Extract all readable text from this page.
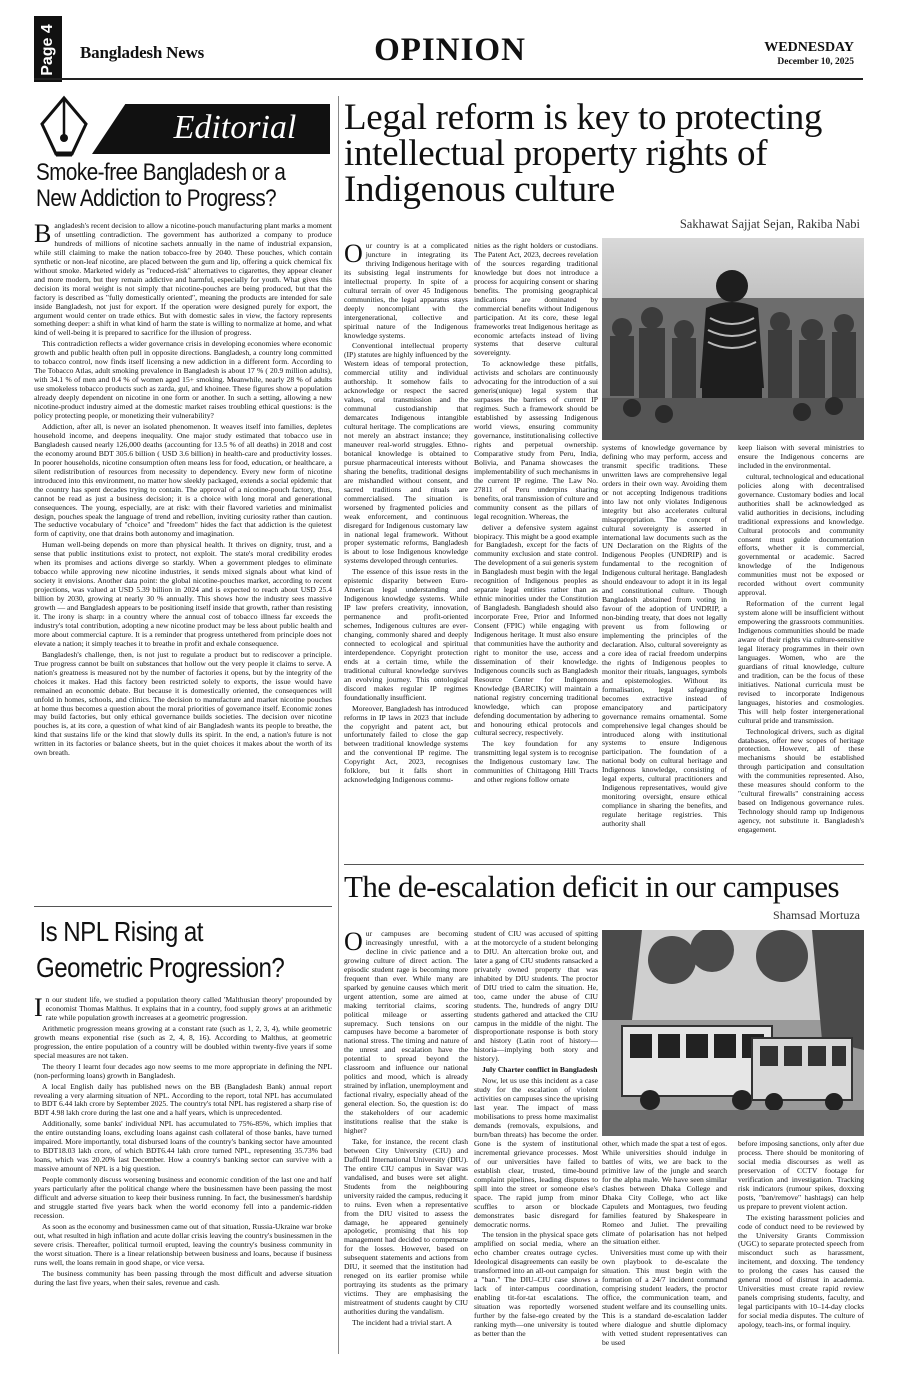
Page 4 Bangladesh News	OPINION	WEDNESDAY
December 10, 2025
Editorial
Smoke-free Bangladesh or a
New Addiction to Progress?

Bangladesh's recent decision to allow a nicotine-pouch manufacturing plant marks a moment of unsettling contradiction. The government has authorized a company to produce hundreds of millions of nicotine sachets annually in the name of industrial expansion, while still claiming to make the nation tobacco-free by 2040. These pouches, which contain synthetic or non-leaf nicotine, are placed between the gum and lip, offering a quick chemical fix without smoke. Marketed widely as "reduced-risk" alternatives to cigarettes, they appear cleaner and more modern, but they remain addictive and harmful, especially for youth. What gives this decision its moral weight is not simply that nicotine-pouches are being produced, but that the factory is described as "fully domestically oriented", meaning the products are intended for sale inside Bangladesh, not just for export. If the operation were designed purely for export, the argument would center on trade ethics. But with domestic sales in view, the factory represents something deeper: a shift in what kind of harm the state is willing to normalize at home, and what kind of well-being it is prepared to sacrifice for the illusion of progress.

This contradiction reflects a wider governance crisis in developing economies where economic growth and public health often pull in opposite directions. Bangladesh, a country long committed to tobacco control, now finds itself licensing a new addiction in a different form. According to The Tobacco Atlas, adult smoking prevalence in Bangladesh is about 17 % ( 20.9 million adults), with 34.1 % of men and 0.4 % of women aged 15+ smoking. Meanwhile, nearly 28 % of adults use smokeless tobacco products such as zarda, gul, and khoinee. These figures show a population already deeply dependent on nicotine in one form or another. In such a setting, allowing a new nicotine-product industry aimed at the domestic market raises troubling ethical questions: is the policy protecting people, or monetizing their vulnerability?

Addiction, after all, is never an isolated phenomenon. It weaves itself into families, depletes household income, and deepens inequality. One major study estimated that tobacco use in Bangladesh caused nearly 126,000 deaths (accounting for 13.5 % of all deaths) in 2018 and cost the economy around BDT 305.6 billion ( USD 3.6 billion) in health-care and productivity losses. In poorer households, nicotine consumption often means less for food, education, or healthcare, a silent redistribution of resources from necessity to dependency. Every new form of nicotine introduced into this environment, no matter how sleekly packaged, extends a social epidemic that the country has spent decades trying to contain. The approval of a nicotine-pouch factory, thus, cannot be read as just a business decision; it is a choice with long moral and generational consequences. The young, especially, are at risk: with their flavored varieties and minimalist design, pouches speak the language of trend and rebellion, inviting curiosity rather than caution. The seductive vocabulary of "choice" and "freedom" hides the fact that addiction is the quietest form of captivity, one that drains both autonomy and imagination.

Human well-being depends on more than physical health. It thrives on dignity, trust, and a sense that public institutions exist to protect, not exploit. The state's moral credibility erodes when its promises and actions diverge so starkly. When a government pledges to eliminate tobacco while approving new nicotine industries, it sends mixed signals about what kind of society it envisions. Another data point: the global nicotine-pouches market, according to recent projections, was valued at USD 5.39 billion in 2024 and is expected to reach about USD 25.4 billion by 2030, growing at nearly 30 % annually. This shows how the industry sees massive growth — and Bangladesh appears to be positioning itself inside that growth, rather than resisting it. The irony is sharp: in a country where the annual cost of tobacco illness far exceeds the industry's total contribution, adopting a new nicotine product may be less about public health and more about commercial capture. It is a reminder that progress untethered from principle does not elevate a nation; it simply teaches it to breathe in profit and exhale consequence.

Bangladesh's challenge, then, is not just to regulate a product but to rediscover a principle. True progress cannot be built on substances that hollow out the very people it claims to serve. A nation's greatness is measured not by the number of factories it opens, but by the integrity of the choices it makes. Had this factory been restricted solely to exports, the issue would have remained an economic debate. But because it is domestically oriented, the consequences will unfold in homes, schools, and clinics. The decision to manufacture and market nicotine pouches at home thus becomes a question about the moral priorities of governance itself. Economic zones may build factories, but only ethical governance builds societies. The decision over nicotine pouches is, at its core, a question of what kind of air Bangladesh wants its people to breathe, the kind that sustains life or the kind that slowly dulls its spirit. In the end, a nation's future is not written in its factories or balance sheets, but in the quiet choices it makes about the worth of its own breath.

Is NPL Rising at
Geometric Progression?

In our student life, we studied a population theory called 'Malthusian theory' propounded by economist Thomas Malthus. It explains that in a country, food supply grows at an arithmetic rate while population growth increases at a geometric progression.

Arithmetic progression means growing at a constant rate (such as 1, 2, 3, 4), while geometric growth means exponential rise (such as 2, 4, 8, 16). According to Malthus, at geometric progression, the entire population of a country will be doubled within twenty-five years if some special measures are not taken.

The theory I learnt four decades ago now seems to me more appropriate in defining the NPL (non-performing loans) growth in Bangladesh.

A local English daily has published news on the BB (Bangladesh Bank) annual report revealing a very alarming situation of NPL. According to the report, total NPL has accumulated to BDT 6.44 lakh crore by September 2025. The country's total NPL has registered a sharp rise of BDT 4.98 lakh crore during the last one and a half years, which is unprecedented.

Additionally, some banks' individual NPL has accumulated to 75%-85%, which implies that the entire outstanding loans, excluding loans against cash collateral of those banks, have turned impaired. More importantly, total disbursed loans of the country's banking sector have amounted to BDT18.03 lakh crore, of which BDT6.44 lakh crore turned NPL, representing 35.73% bad loans, which was 20.20% last December. How a country's banking sector can survive with a massive amount of NPL is a big question.

People commonly discuss worsening business and economic condition of the last one and half years particularly after the political change where the businessmen have been passing the most difficult and adverse situation to keep their business running. In fact, the businessmen's hardship and struggle started five years back when the world economy fell into a pandemic-ridden recession.

As soon as the economy and businessmen came out of that situation, Russia-Ukraine war broke out, what resulted in high inflation and acute dollar crisis leaving the country's businessmen in the severe crisis. Thereafter, political turmoil erupted, leaving the country's business community in the worst situation. There is a linear relationship between business and loans, because if business runs well, the loans remain in good shape, or vice versa.

The business community has been passing through the most difficult and adverse situation during the last five years, when their sales, revenue and cash.

Legal reform is key to protecting
intellectual property rights of
Indigenous culture
Sakhawat Sajjat Sejan, Rakiba Nabi

Our country is at a complicated juncture in integrating its thriving Indigenous heritage with its subsisting legal instruments for intellectual property. In spite of a cultural terrain of over 45 Indigenous communities, the legal apparatus stays deeply noncompliant with the intergenerational, collective and spiritual nature of the Indigenous knowledge systems.

Conventional intellectual property (IP) statutes are highly influenced by the Western ideas of temporal protection, commercial utility and individual authorship. It somehow fails to acknowledge or respect the sacred values, oral transmission and the communal custodianship that demarcates Indigenous intangible cultural heritage. The complications are not merely an abstract instance; they maneuver real-world struggles. Ethno-botanical knowledge is obtained to pursue pharmaceutical interests without sharing the benefits, traditional designs are mishandled without consent, and sacred traditions and rituals are commercialised. The situation is worsened by fragmented policies and weak enforcement, and continuous disregard for Indigenous customary law in national legal framework. Without proper systematic reforms, Bangladesh is about to lose Indigenous knowledge systems developed through centuries.

The essence of this issue rests in the epistemic disparity between Euro-American legal understanding and Indigenous knowledge systems. While IP law prefers creativity, innovation, permanence and profit-oriented schemes, Indigenous cultures are ever-changing, commonly shared and deeply connected to ecological and spiritual interdependence. Copyright protection ends at a certain time, while the traditional cultural knowledge survives an evolving journey. This ontological discord makes regular IP regimes foundationally insufficient.

Moreover, Bangladesh has introduced reforms in IP laws in 2023 that include the copyright and patent act, but unfortunately failed to close the gap between traditional knowledge systems and the conventional IP regime. The Copyright Act, 2023, recognises folklore, but it falls short in acknowledging Indigenous commu-

nities as the right holders or custodians. The Patent Act, 2023, decrees revelation of the sources regarding traditional knowledge but does not introduce a process for acquiring consent or sharing benefits. The promising geographical indications are dominated by commercial benefits without Indigenous participation. At its core, these legal frameworks treat Indigenous heritage as economic artefacts instead of living systems that deserve cultural sovereignty.

To acknowledge these pitfalls, activists and scholars are continuously advocating for the introduction of a sui generis(unique) legal system that surpasses the barriers of current IP regimes. Such a framework should be established by assessing Indigenous world views, ensuring community governance, institutionalising collective rights and perpetual ownership. Comparative study from Peru, India, Bolivia, and Panama showcases the implementability of such mechanisms in the current IP regime. The Law No. 27811 of Peru underpins sharing benefits, oral transmission of culture and community consent as the pillars of legal recognition. Whereas, the

deliver a defensive system against biopiracy. This might be a good example for Bangladesh, except for the facts of community exclusion and state control. The development of a sui generis system in Bangladesh must begin with the legal recognition of Indigenous peoples as separate legal entities rather than as ethnic minorities under the Constitution of Bangladesh. Bangladesh should also incorporate Free, Prior and Informed Consent (FPIC) while engaging with Indigenous heritage. It must also ensure that communities have the authority and right to monitor the use, access and dissemination of their knowledge. Indigenous councils such as Bangladesh Resource Center for Indigenous Knowledge (BARCIK) will maintain a national registry concerning traditional knowledge, which can propose defending documentation by adhering to and honouring ethical protocols and cultural secrecy, respectively.

The key foundation for any transmitting legal system is to recognise the Indigenous customary law. The communities of Chittagong Hill Tracts and other regions follow ornate

systems of knowledge governance by defining who may perform, access and transmit specific traditions. These unwritten laws are comprehensive legal orders in their own way. Avoiding them or not accepting Indigenous traditions into law not only violates Indigenous integrity but also accelerates cultural misappropriation. The concept of cultural sovereignty is asserted in international law documents such as the UN Declaration on the Rights of the Indigenous Peoples (UNDRIP) and is fundamental to the recognition of Indigenous cultural heritage. Bangladesh should endeavour to adopt it in its legal and constitutional culture. Though Bangladesh abstained from voting in favour of the adoption of UNDRIP, a non-binding treaty, that does not legally prevent us from following or implementing the principles of the declaration. Also, cultural sovereignty as a core idea of racial freedom underpins the rights of Indigenous peoples to monitor their rituals, languages, symbols and epistemologies. Without its formalisation, legal safeguarding becomes extractive instead of emancipatory and participatory governance remains ornamental. Some comprehensive legal changes should be introduced along with institutional systems to ensure Indigenous participation. The foundation of a national body on cultural heritage and Indigenous knowledge, consisting of legal experts, cultural practitioners and Indigenous representatives, would give monitoring oversight, ensure ethical compliance in sharing the benefits, and regulate heritage registries. This authority shall

keep liaison with several ministries to ensure the Indigenous concerns are included in the environmental.

cultural, technological and educational policies along with decentralised governance. Customary bodies and local authorities shall be acknowledged as valid authorities in decisions, including traditional expressions and knowledge. Cultural protocols and community consent must guide documentation efforts, whether it is commercial, governmental or academic. Sacred knowledge of the Indigenous communities must not be exposed or recorded without overt community approval.

Reformation of the current legal system alone will be insufficient without empowering the grassroots communities. Indigenous communities should be made aware of their rights via culture-sensitive legal literacy programmes in their own languages. Women, who are the guardians of ritual knowledge, culture and tradition, can be the focus of these initiatives. National curricula must be revised to incorporate Indigenous languages, histories and cosmologies. This will help foster intergenerational cultural pride and transmission.

Technological drivers, such as digital databases, offer new scopes of heritage protection. However, all of these mechanisms should be established through participation and consultation with the communities represented. Also, these measures should conform to the "cultural firewalls" constraining access based on Indigenous governance rules. Technology should ramp up Indigenous agency, not substitute it. Bangladesh's engagement.

The de-escalation deficit in our campuses
Shamsad Mortuza

Our campuses are becoming increasingly unrestful, with a decline in civic patience and a growing culture of direct action. The episodic student rage is becoming more frequent than ever. While many are sparked by genuine causes which merit urgent attention, some are aimed at making territorial claims, scoring political mileage or asserting supremacy. Such tensions on our campuses have become a barometer of national stress. The timing and nature of the unrest and escalation have the potential to spread beyond the classroom and influence our national politics and mood, which is already strained by inflation, unemployment and factional rivalry, especially ahead of the general election. So, the question is: do the stakeholders of our academic institutions realise that the stake is higher?

Take, for instance, the recent clash between City University (CIU) and Daffodil International University (DIU). The entire CIU campus in Savar was vandalised, and buses were set alight. Students from the neighbouring university raided the campus, reducing it to ruins. Even when a representative from the DIU visited to assess the damage, he appeared genuinely apologetic, promising that his top management had decided to compensate for the losses. However, based on subsequent statements and actions from DIU, it seemed that the institution had reneged on its earlier promise while portraying its students as the primary victims. They are emphasising the mistreatment of students caught by CIU authorities during the vandalism.

The incident had a trivial start. A

student of CIU was accused of spitting at the motorcycle of a student belonging to DIU. An altercation broke out, and later a gang of CIU students ransacked a privately owned property that was inhabited by DIU students. The proctor of DIU tried to calm the situation. He, too, came under the abuse of CIU students. The, hundreds of angry DIU students gathered and attacked the CIU campus in the middle of the night. The disproportionate response is both story and history (Latin root of history—historia—implying both story and history).

July Charter conflict in Bangladesh

Now, let us use this incident as a case study for the escalation of violent activities on campuses since the uprising last year. The impact of mass mobilisations to press home maximalist demands (removals, expulsions, and burn/ban threats) has become the order. Gone is the system of institutional incremental grievance processes. Most of our universities have failed to establish clear, trusted, time-bound complaint pipelines, leading disputes to spill into the street or someone else's space. The rapid jump from minor scuffles to arson or blockade demonstrates basic disregard for democratic norms.

The tension in the physical space gets amplified on social media, where an echo chamber creates outrage cycles. Ideological disagreements can easily be transformed into an all-out campaign for a "ban." The DIU–CIU case shows a lack of inter-campus coordination, enabling tit-for-tat escalations. The situation was reportedly worsened further by the false-ego created by the ranking myth—one university is touted as better than the

other, which made the spat a test of egos. While universities should indulge in battles of wits, we are back to the primitive law of the jungle and search for the alpha male. We have seen similar clashes between Dhaka College and Dhaka City College, who act like Capulets and Montagues, two feuding families featured by Shakespeare in Romeo and Juliet. The prevailing climate of polarisation has not helped the situation either.

Universities must come up with their own playbook to de-escalate the situation. This must begin with the formation of a 24/7 incident command comprising student leaders, the proctor office, the communication team, and student welfare and its counselling units. This is a standard de-escalation ladder where dialogue and shuttle diplomacy with vetted student representatives can be used

before imposing sanctions, only after due process. There should be monitoring of social media discourses as well as preservation of CCTV footage for verification and investigation. Tracking risk indicators (rumour spikes, doxxing posts, "ban/remove" hashtags) can help us prepare to prevent violent action.

The existing harassment policies and code of conduct need to be reviewed by the University Grants Commission (UGC) to separate protected speech from misconduct such as harassment, incitement, and doxxing. The tendency to prolong the cases has caused the general mood of distrust in academia. Universities must create rapid review panels comprising students, faculty, and legal participants with 10–14-day clocks for social media disputes. The culture of apology, teach-ins, or formal inquiry.
